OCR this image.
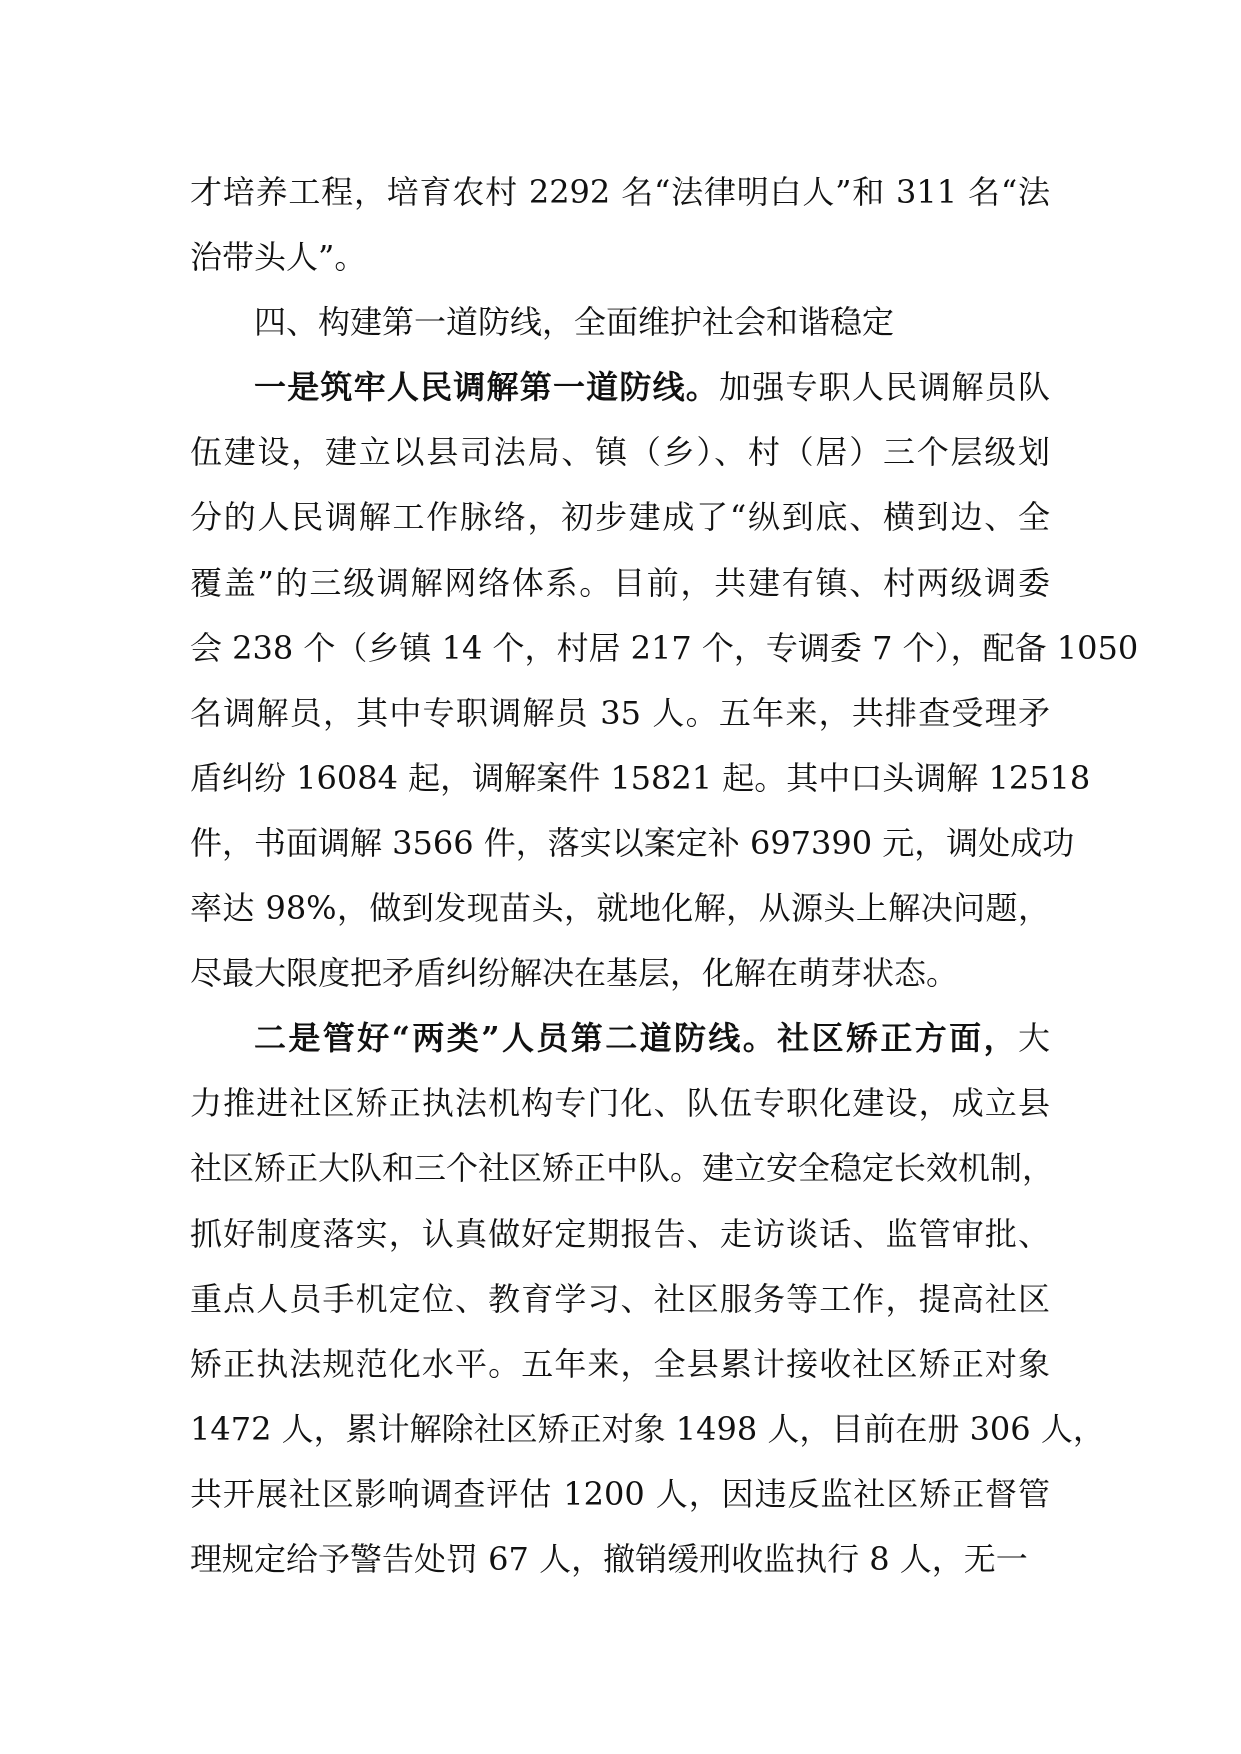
才培养工程，培育农村 2292 名“法律明白人”和 311 名“法
治带头人”。
四、构建第一道防线，全面维护社会和谐稳定
一是筑牢人民调解第一道防线。加强专职人民调解员队
伍建设，建立以县司法局、镇（乡）、村（居）三个层级划
分的人民调解工作脉络，初步建成了“纵到底、横到边、全
覆盖”的三级调解网络体系。目前，共建有镇、村两级调委
会 238 个（乡镇 14 个，村居 217 个，专调委 7 个），配备 1050
名调解员，其中专职调解员 35 人。五年来，共排查受理矛
盾纠纷 16084 起，调解案件 15821 起。其中口头调解 12518
件，书面调解 3566 件，落实以案定补 697390 元，调处成功
率达 98%，做到发现苗头，就地化解，从源头上解决问题，
尽最大限度把矛盾纠纷解决在基层，化解在萌芽状态。
二是管好“两类”人员第二道防线。社区矫正方面，大
力推进社区矫正执法机构专门化、队伍专职化建设，成立县
社区矫正大队和三个社区矫正中队。建立安全稳定长效机制，
抓好制度落实，认真做好定期报告、走访谈话、监管审批、
重点人员手机定位、教育学习、社区服务等工作，提高社区
矫正执法规范化水平。五年来，全县累计接收社区矫正对象
1472 人，累计解除社区矫正对象 1498 人，目前在册 306 人，
共开展社区影响调查评估 1200 人，因违反监社区矫正督管
理规定给予警告处罚 67 人，撤销缓刑收监执行 8 人，无一
